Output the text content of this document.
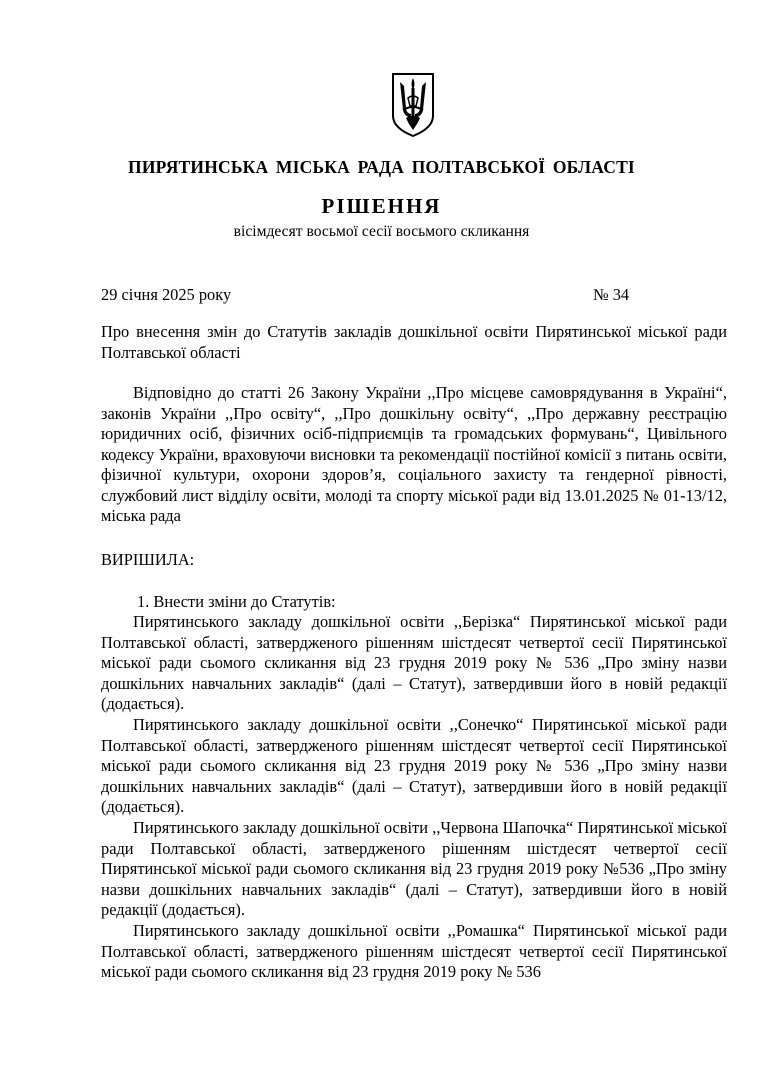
ПИРЯТИНСЬКА МІСЬКА РАДА ПОЛТАВСЬКОЇ ОБЛАСТІ
РІШЕННЯ
вісімдесят восьмої сесії восьмого скликання
29 січня 2025 року	№ 34
Про внесення змін до Статутів закладів дошкільної освіти Пирятинської міської ради Полтавської області

Відповідно до статті 26 Закону України ,,Про місцеве самоврядування в Україні“, законів України ,,Про освіту“, ,,Про дошкільну освіту“, ,,Про державну реєстрацію юридичних осіб, фізичних осіб-підприємців та громадських формувань“, Цивільного кодексу України, враховуючи висновки та рекомендації постійної комісії з питань освіти, фізичної культури, охорони здоров’я, соціального захисту та гендерної рівності, службовий лист відділу освіти, молоді та спорту міської ради від 13.01.2025 № 01-13/12, міська рада

ВИРІШИЛА:
1. Внести зміни до Статутів:

Пирятинського закладу дошкільної освіти ,,Берізка“ Пирятинської міської ради Полтавської області, затвердженого рішенням шістдесят четвертої сесії Пирятинської міської ради сьомого скликання від 23 грудня 2019 року № 536 „Про зміну назви дошкільних навчальних закладів“ (далі – Статут), затвердивши його в новій редакції (додається).

Пирятинського закладу дошкільної освіти ,,Сонечко“ Пирятинської міської ради Полтавської області, затвердженого рішенням шістдесят четвертої сесії Пирятинської міської ради сьомого скликання від 23 грудня 2019 року № 536 „Про зміну назви дошкільних навчальних закладів“ (далі – Статут), затвердивши його в новій редакції (додається).

Пирятинського закладу дошкільної освіти ,,Червона Шапочка“ Пирятинської міської ради Полтавської області, затвердженого рішенням шістдесят четвертої сесії Пирятинської міської ради сьомого скликання від 23 грудня 2019 року №536 „Про зміну назви дошкільних навчальних закладів“ (далі – Статут), затвердивши його в новій редакції (додається).

Пирятинського закладу дошкільної освіти ,,Ромашка“ Пирятинської міської ради Полтавської області, затвердженого рішенням шістдесят четвертої сесії Пирятинської міської ради сьомого скликання від 23 грудня 2019 року № 536
